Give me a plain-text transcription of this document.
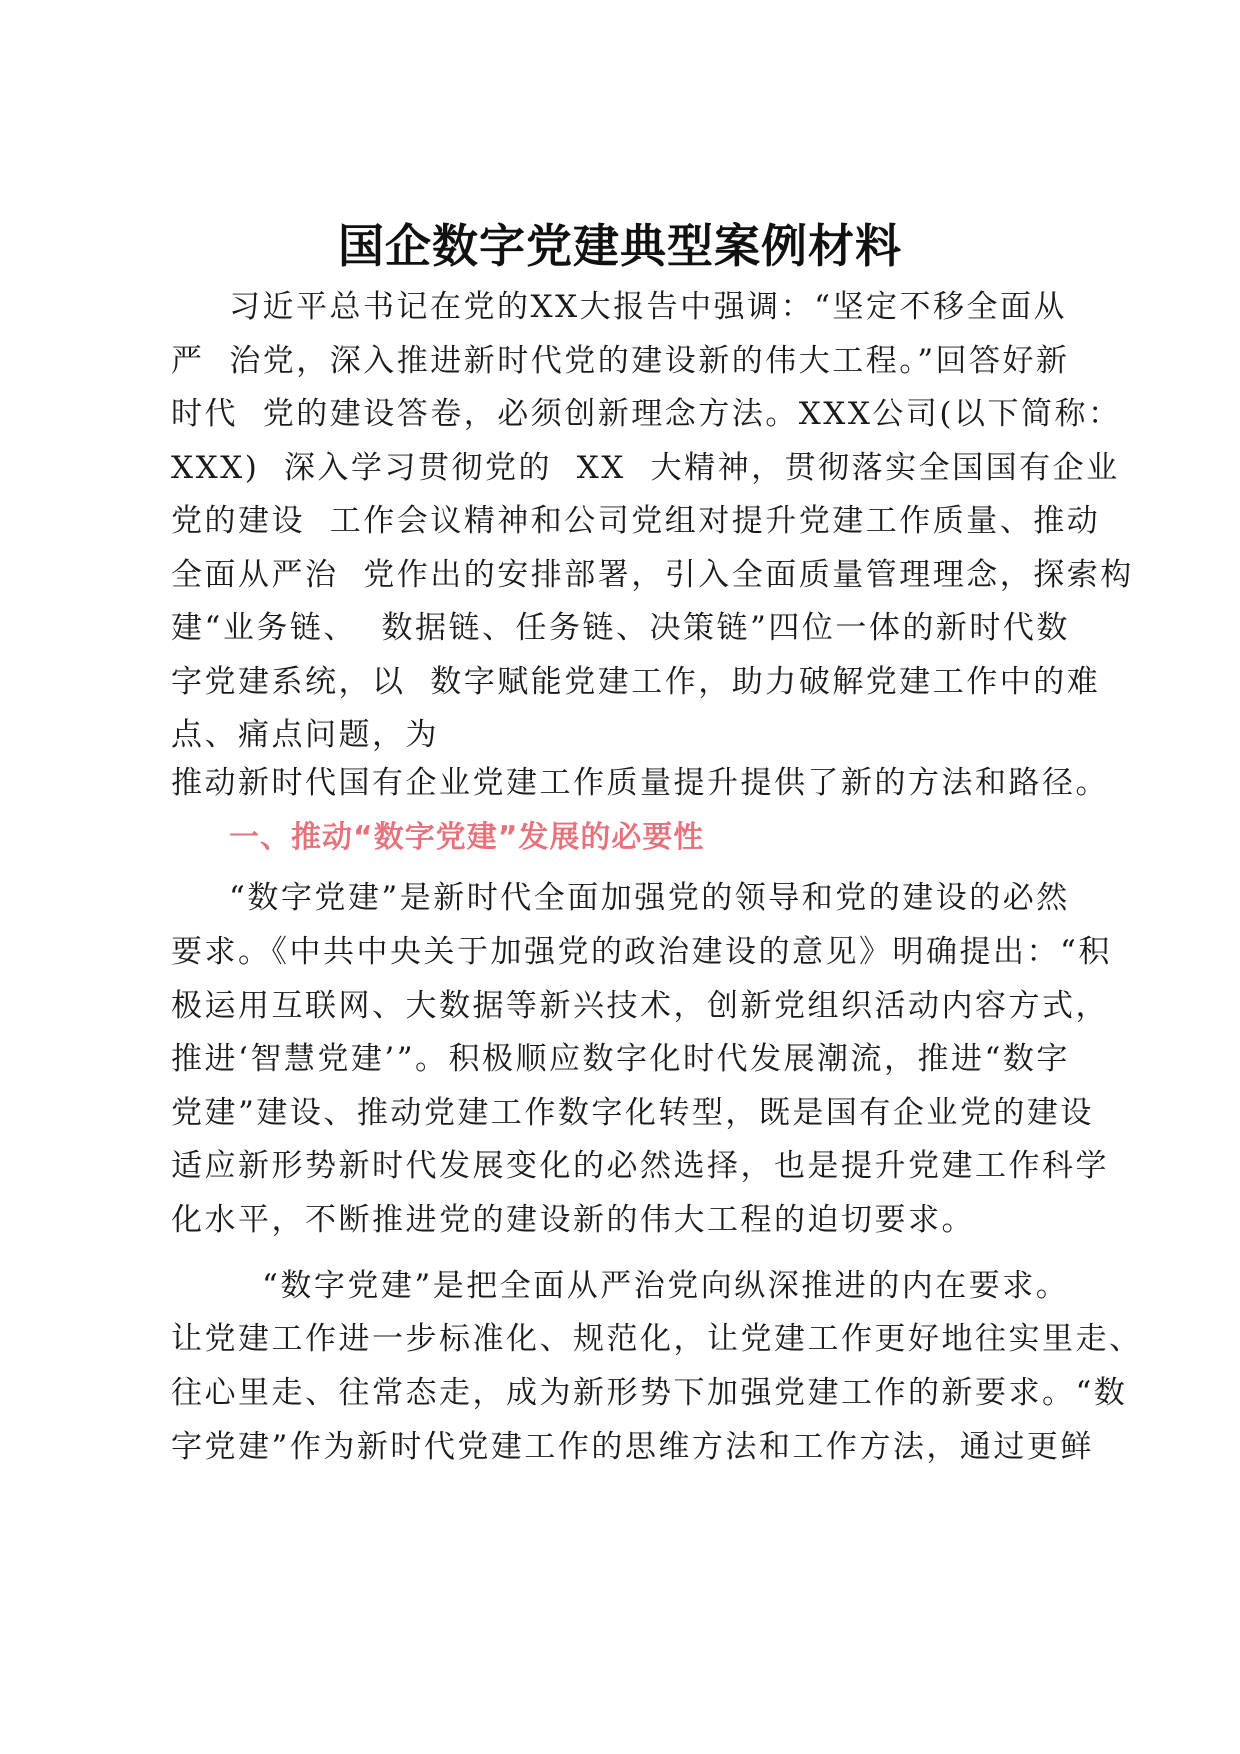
国企数字党建典型案例材料
习近平总书记在党的XX大报告中强调：“坚定不移全面从
严  治党，深入推进新时代党的建设新的伟大工程。”回答好新
时代  党的建设答卷，必须创新理念方法。XXX公司(以下简称：
XXX)  深入学习贯彻党的  XX  大精神，贯彻落实全国国有企业
党的建设  工作会议精神和公司党组对提升党建工作质量、推动
全面从严治  党作出的安排部署，引入全面质量管理理念，探索构
建“业务链、  数据链、任务链、决策链”四位一体的新时代数
字党建系统，以  数字赋能党建工作，助力破解党建工作中的难
点、痛点问题，为
推动新时代国有企业党建工作质量提升提供了新的方法和路径。
一、推动“数字党建”发展的必要性
“数字党建”是新时代全面加强党的领导和党的建设的必然
要求。《中共中央关于加强党的政治建设的意见》明确提出：“积
极运用互联网、大数据等新兴技术，创新党组织活动内容方式，
推进‘智慧党建’”。积极顺应数字化时代发展潮流，推进“数字
党建”建设、推动党建工作数字化转型，既是国有企业党的建设
适应新形势新时代发展变化的必然选择，也是提升党建工作科学
化水平，不断推进党的建设新的伟大工程的迫切要求。
“数字党建”是把全面从严治党向纵深推进的内在要求。
让党建工作进一步标准化、规范化，让党建工作更好地往实里走、
往心里走、往常态走，成为新形势下加强党建工作的新要求。“数
字党建”作为新时代党建工作的思维方法和工作方法，通过更鲜
